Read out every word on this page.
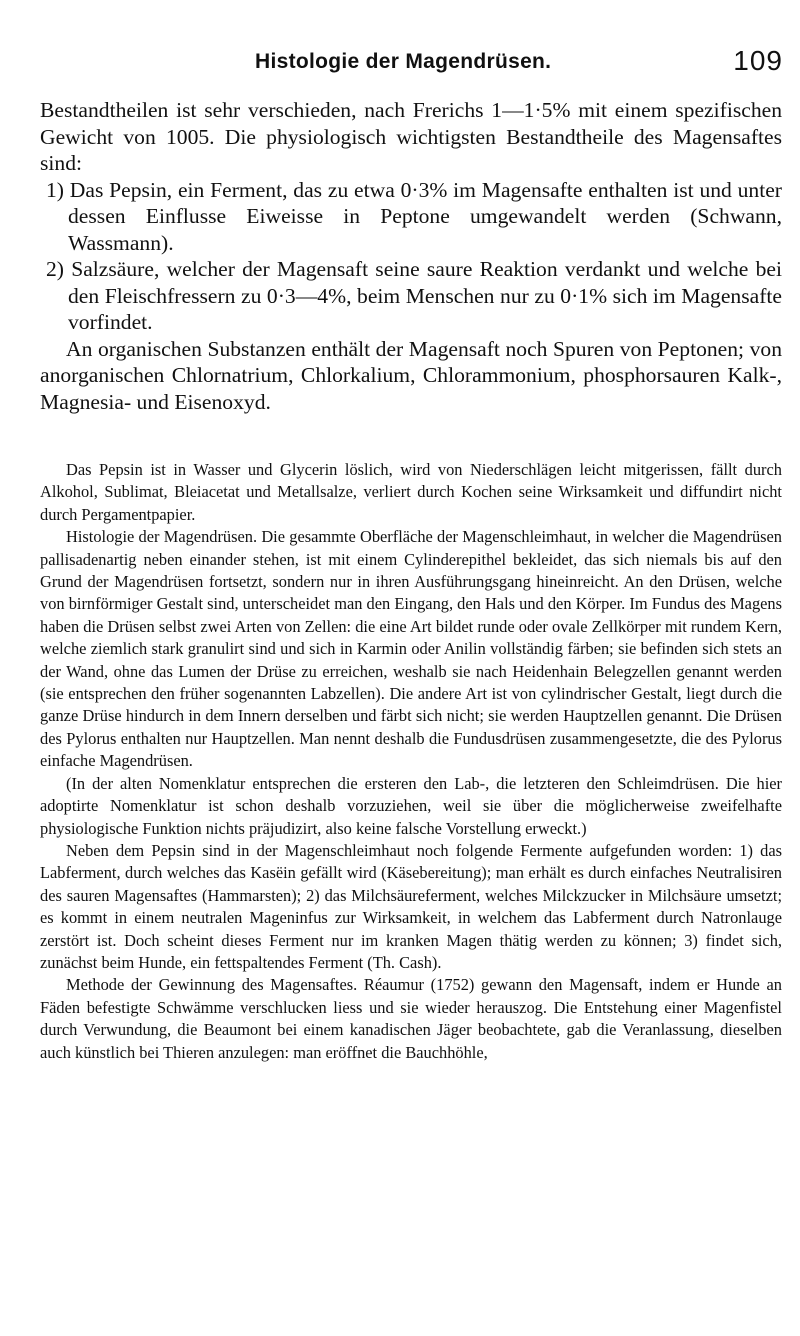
Histologie der Magendrüsen.	109

Bestandtheilen ist sehr verschieden, nach Frerichs 1—1·5% mit einem spezifischen Gewicht von 1005. Die physiologisch wichtigsten Bestandtheile des Magensaftes sind:

1) Das Pepsin, ein Ferment, das zu etwa 0·3% im Magensafte enthalten ist und unter dessen Einflusse Eiweisse in Peptone umgewandelt werden (Schwann, Wassmann).

2) Salzsäure, welcher der Magensaft seine saure Reaktion verdankt und welche bei den Fleischfressern zu 0·3—4%, beim Menschen nur zu 0·1% sich im Magensafte vorfindet.

An organischen Substanzen enthält der Magensaft noch Spuren von Peptonen; von anorganischen Chlornatrium, Chlorkalium, Chlorammonium, phosphorsauren Kalk-, Magnesia- und Eisenoxyd.

Das Pepsin ist in Wasser und Glycerin löslich, wird von Niederschlägen leicht mitgerissen, fällt durch Alkohol, Sublimat, Bleiacetat und Metallsalze, verliert durch Kochen seine Wirksamkeit und diffundirt nicht durch Pergamentpapier.

Histologie der Magendrüsen. Die gesammte Oberfläche der Magenschleimhaut, in welcher die Magendrüsen pallisadenartig neben einander stehen, ist mit einem Cylinderepithel bekleidet, das sich niemals bis auf den Grund der Magendrüsen fortsetzt, sondern nur in ihren Ausführungsgang hineinreicht. An den Drüsen, welche von birnförmiger Gestalt sind, unterscheidet man den Eingang, den Hals und den Körper. Im Fundus des Magens haben die Drüsen selbst zwei Arten von Zellen: die eine Art bildet runde oder ovale Zellkörper mit rundem Kern, welche ziemlich stark granulirt sind und sich in Karmin oder Anilin vollständig färben; sie befinden sich stets an der Wand, ohne das Lumen der Drüse zu erreichen, weshalb sie nach Heidenhain Belegzellen genannt werden (sie entsprechen den früher sogenannten Labzellen). Die andere Art ist von cylindrischer Gestalt, liegt durch die ganze Drüse hindurch in dem Innern derselben und färbt sich nicht; sie werden Hauptzellen genannt. Die Drüsen des Pylorus enthalten nur Hauptzellen. Man nennt deshalb die Fundusdrüsen zusammengesetzte, die des Pylorus einfache Magendrüsen.

(In der alten Nomenklatur entsprechen die ersteren den Lab-, die letzteren den Schleimdrüsen. Die hier adoptirte Nomenklatur ist schon deshalb vorzuziehen, weil sie über die möglicherweise zweifelhafte physiologische Funktion nichts präjudizirt, also keine falsche Vorstellung erweckt.)

Neben dem Pepsin sind in der Magenschleimhaut noch folgende Fermente aufgefunden worden: 1) das Labferment, durch welches das Kasëin gefällt wird (Käsebereitung); man erhält es durch einfaches Neutralisiren des sauren Magensaftes (Hammarsten); 2) das Milchsäureferment, welches Milckzucker in Milchsäure umsetzt; es kommt in einem neutralen Mageninfus zur Wirksamkeit, in welchem das Labferment durch Natronlauge zerstört ist. Doch scheint dieses Ferment nur im kranken Magen thätig werden zu können; 3) findet sich, zunächst beim Hunde, ein fettspaltendes Ferment (Th. Cash).

Methode der Gewinnung des Magensaftes. Réaumur (1752) gewann den Magensaft, indem er Hunde an Fäden befestigte Schwämme verschlucken liess und sie wieder herauszog. Die Entstehung einer Magenfistel durch Verwundung, die Beaumont bei einem kanadischen Jäger beobachtete, gab die Veranlassung, dieselben auch künstlich bei Thieren anzulegen: man eröffnet die Bauchhöhle,
